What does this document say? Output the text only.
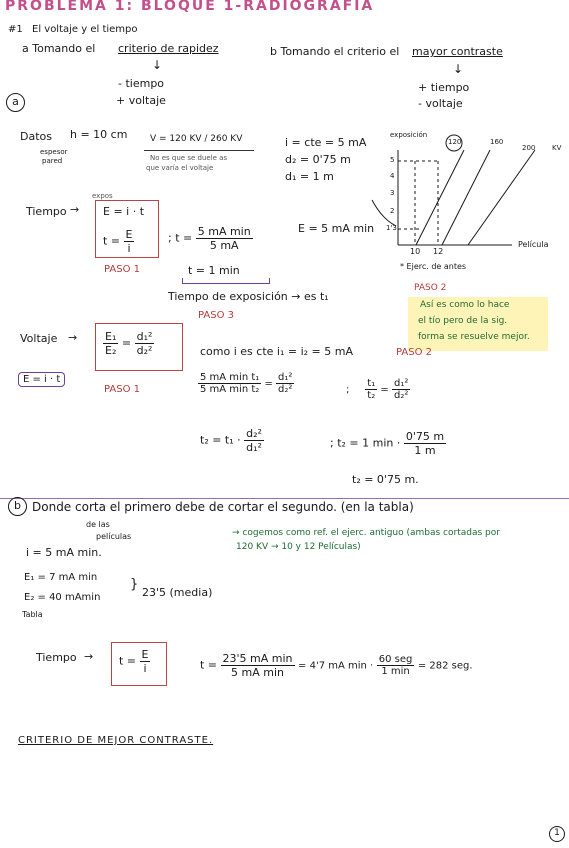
PROBLEMA 1: BLOQUE 1-RADIOGRAFIA
#1 El voltaje y el tiempo
a Tomando el criterio de rapidez
↓
- tiempo
+ voltaje
b Tomando el criterio el mayor contraste
↓
+ tiempo
- voltaje
a
Datos h = 10 cm
espesor
pared
V = 120 KV / 260 KV
No es que se duele as
que varía el voltaje
i = cte = 5 mA
d₂ = 0'75 m
d₁ = 1 m
Tiempo →
expos
E = i · t
$t = \frac{E}{i}$
PASO 1
; $t = \frac{\text{5 mA min}}{5 mA}$
t = 1 min
E = 5 mA min
Tiempo de exposición → es t₁
PASO 3
exposición
120	160
200 KV
1'3
2
3
4
5
10 12
Película
* Ejerc. de antes
PASO 2
Así es como lo hace
el tío pero de la sig.
forma se resuelve mejor.
Voltaje → $\frac{\text{E₁}}{\text{E₂}} = \frac{\text{d₁²}}{\text{d₂²}}$
PASO 1
E = i · t
como i es cte i₁ = i₂ = 5 mA	PASO 2
$\frac{\text{5 mA min t₁}}{\text{5 mA min t₂}} = \frac{\text{d₁²}}{\text{d₂²}}$	; $\frac{\text{t₁}}{\text{t₂}} = \frac{\text{d₁²}}{\text{d₂²}}$
$t_2 = t_1 \cdot \frac{\text{d₂²}}{\text{d₁²}}$	; t₂ = 1 $\min \cdot \frac{0'75 m}{1 m}$
t₂ = 0'75 m.
b Donde corta el primero debe de cortar el segundo. (en la tabla)
de las
películas	→ cogemos como ref. el ejerc. antiguo (ambas cortadas por
120 KV → 10 y 12 Películas)
i = 5 mA min.
E₁ = 7 mA min
E₂ = 40 mAmin
}
23'5 (media)
Tabla
Tiempo → $t = \frac{E}{i}$	$t = \frac{\text{23'5 mA min}}{\text{5 mA min}} = 4'7$ mA $\min \cdot \frac{\text{60 seg}}{1 \min} = 282$ seg.
CRITERIO DE MEJOR CONTRASTE.
1
